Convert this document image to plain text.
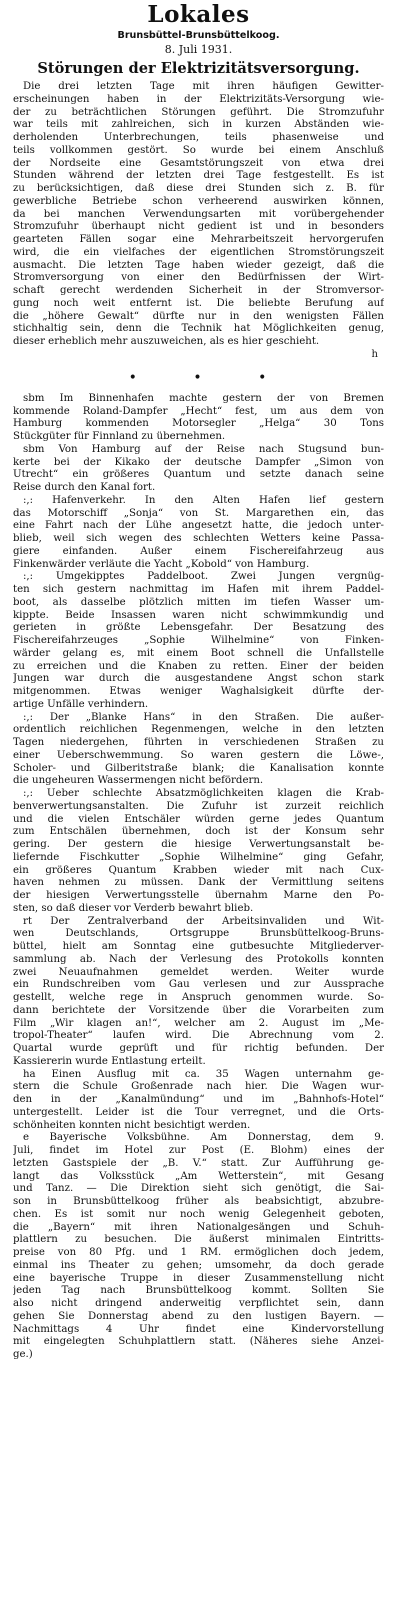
Lokales
Brunsbüttel-Brunsbüttelkoog.
8. Juli 1931.
Störungen der Elektrizitätsversorgung.
Die drei letzten Tage mit ihren häufigen Gewitter-
erscheinungen haben in der Elektrizitäts-Versorgung wie-
der zu beträchtlichen Störungen geführt. Die Stromzufuhr
war teils mit zahlreichen, sich in kurzen Abständen wie-
derholenden Unterbrechungen, teils phasenweise und
teils vollkommen gestört. So wurde bei einem Anschluß
der Nordseite eine Gesamtstörungszeit von etwa drei
Stunden während der letzten drei Tage festgestellt. Es ist
zu berücksichtigen, daß diese drei Stunden sich z. B. für
gewerbliche Betriebe schon verheerend auswirken können,
da bei manchen Verwendungsarten mit vorübergehender
Stromzufuhr überhaupt nicht gedient ist und in besonders
gearteten Fällen sogar eine Mehrarbeitszeit hervorgerufen
wird, die ein vielfaches der eigentlichen Stromstörungszeit
ausmacht. Die letzten Tage haben wieder gezeigt, daß die
Stromversorgung von einer den Bedürfnissen der Wirt-
schaft gerecht werdenden Sicherheit in der Stromversor-
gung noch weit entfernt ist. Die beliebte Berufung auf
die „höhere Gewalt“ dürfte nur in den wenigsten Fällen
stichhaltig sein, denn die Technik hat Möglichkeiten genug,
dieser erheblich mehr auszuweichen, als es hier geschieht.
h
• • •
sbm Im Binnenhafen machte gestern der von Bremen
kommende Roland-Dampfer „Hecht“ fest, um aus dem von
Hamburg kommenden Motorsegler „Helga“ 30 Tons
Stückgüter für Finnland zu übernehmen.
sbm Von Hamburg auf der Reise nach Stugsund bun-
kerte bei der Kikako der deutsche Dampfer „Simon von
Utrecht“ ein größeres Quantum und setzte danach seine
Reise durch den Kanal fort.
:,: Hafenverkehr. In den Alten Hafen lief gestern
das Motorschiff „Sonja“ von St. Margarethen ein, das
eine Fahrt nach der Lühe angesetzt hatte, die jedoch unter-
blieb, weil sich wegen des schlechten Wetters keine Passa-
giere einfanden. Außer einem Fischereifahrzeug aus
Finkenwärder verläute die Yacht „Kobold“ von Hamburg.
:,: Umgekipptes Paddelboot. Zwei Jungen vergnüg-
ten sich gestern nachmittag im Hafen mit ihrem Paddel-
boot, als dasselbe plötzlich mitten im tiefen Wasser um-
kippte. Beide Insassen waren nicht schwimmkundig und
gerieten in größte Lebensgefahr. Der Besatzung des
Fischereifahrzeuges „Sophie Wilhelmine“ von Finken-
wärder gelang es, mit einem Boot schnell die Unfallstelle
zu erreichen und die Knaben zu retten. Einer der beiden
Jungen war durch die ausgestandene Angst schon stark
mitgenommen. Etwas weniger Waghalsigkeit dürfte der-
artige Unfälle verhindern.
:,: Der „Blanke Hans“ in den Straßen. Die außer-
ordentlich reichlichen Regenmengen, welche in den letzten
Tagen niedergehen, führten in verschiedenen Straßen zu
einer Ueberschwemmung. So waren gestern die Löwe-,
Scholer- und Gilberitstraße blank; die Kanalisation konnte
die ungeheuren Wassermengen nicht befördern.
:,: Ueber schlechte Absatzmöglichkeiten klagen die Krab-
benverwertungsanstalten. Die Zufuhr ist zurzeit reichlich
und die vielen Entschäler würden gerne jedes Quantum
zum Entschälen übernehmen, doch ist der Konsum sehr
gering. Der gestern die hiesige Verwertungsanstalt be-
liefernde Fischkutter „Sophie Wilhelmine“ ging Gefahr,
ein größeres Quantum Krabben wieder mit nach Cux-
haven nehmen zu müssen. Dank der Vermittlung seitens
der hiesigen Verwertungsstelle übernahm Marne den Po-
sten, so daß dieser vor Verderb bewahrt blieb.
rt Der Zentralverband der Arbeitsinvaliden und Wit-
wen Deutschlands, Ortsgruppe Brunsbüttelkoog-Bruns-
büttel, hielt am Sonntag eine gutbesuchte Mitgliederver-
sammlung ab. Nach der Verlesung des Protokolls konnten
zwei Neuaufnahmen gemeldet werden. Weiter wurde
ein Rundschreiben vom Gau verlesen und zur Aussprache
gestellt, welche rege in Anspruch genommen wurde. So-
dann berichtete der Vorsitzende über die Vorarbeiten zum
Film „Wir klagen an!“, welcher am 2. August im „Me-
tropol-Theater“ laufen wird. Die Abrechnung vom 2.
Quartal wurde geprüft und für richtig befunden. Der
Kassiererin wurde Entlastung erteilt.
ha Einen Ausflug mit ca. 35 Wagen unternahm ge-
stern die Schule Großenrade nach hier. Die Wagen wur-
den in der „Kanalmündung“ und im „Bahnhofs-Hotel“
untergestellt. Leider ist die Tour verregnet, und die Orts-
schönheiten konnten nicht besichtigt werden.
e Bayerische Volksbühne. Am Donnerstag, dem 9.
Juli, findet im Hotel zur Post (E. Blohm) eines der
letzten Gastspiele der „B. V.“ statt. Zur Aufführung ge-
langt das Volksstück „Am Wetterstein“, mit Gesang
und Tanz. — Die Direktion sieht sich genötigt, die Sai-
son in Brunsbüttelkoog früher als beabsichtigt, abzubre-
chen. Es ist somit nur noch wenig Gelegenheit geboten,
die „Bayern“ mit ihren Nationalgesängen und Schuh-
plattlern zu besuchen. Die äußerst minimalen Eintritts-
preise von 80 Pfg. und 1 RM. ermöglichen doch jedem,
einmal ins Theater zu gehen; umsomehr, da doch gerade
eine bayerische Truppe in dieser Zusammenstellung nicht
jeden Tag nach Brunsbüttelkoog kommt. Sollten Sie
also nicht dringend anderweitig verpflichtet sein, dann
gehen Sie Donnerstag abend zu den lustigen Bayern. —
Nachmittags 4 Uhr findet eine Kindervorstellung
mit eingelegten Schuhplattlern statt. (Näheres siehe Anzei-
ge.)
